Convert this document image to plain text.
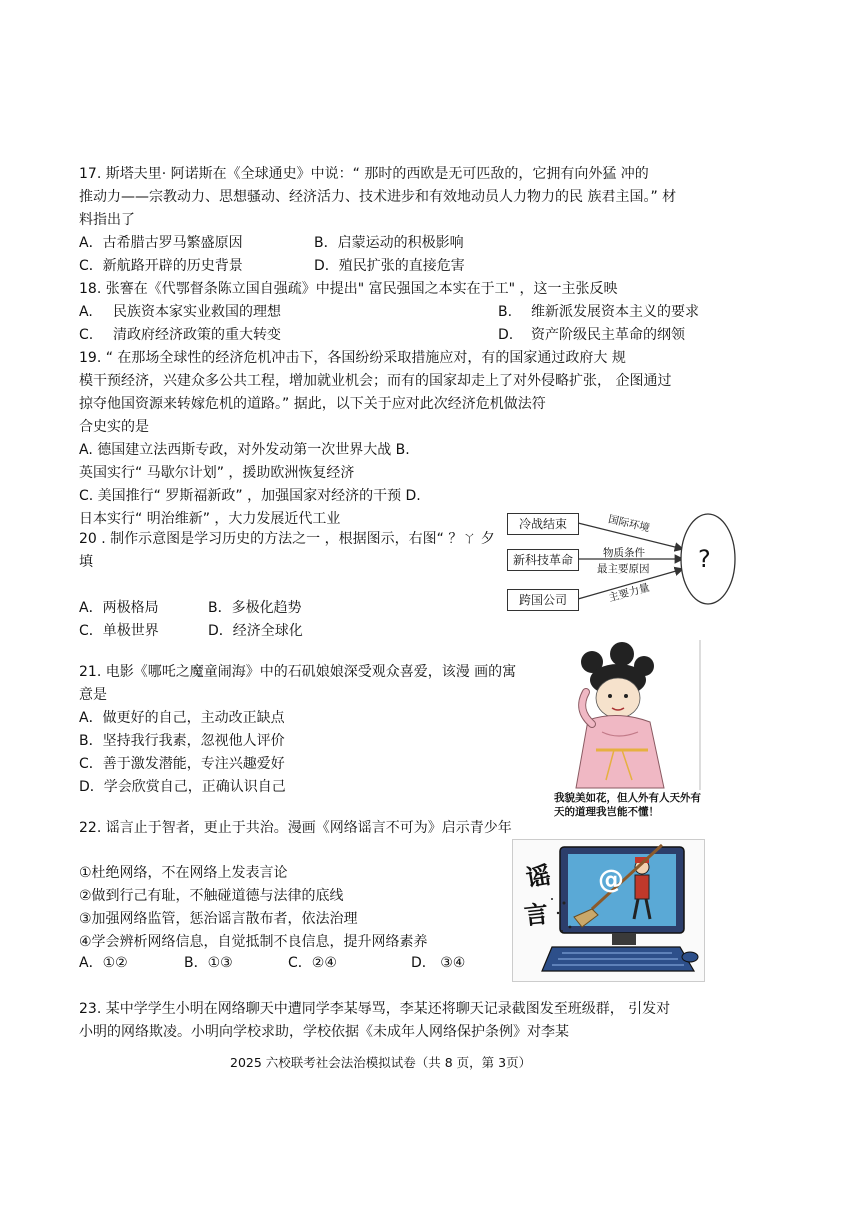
17. 斯塔夫里· 阿诺斯在《全球通史》中说：“ 那时的西欧是无可匹敌的，它拥有向外猛 冲的
推动力——宗教动力、思想骚动、经济活力、技术进步和有效地动员人力物力的民 族君主国。” 材
料指出了
A．古希腊古罗马繁盛原因	B．启蒙运动的积极影响
C．新航路开辟的历史背景	D．殖民扩张的直接危害
18. 张謇在《代鄂督条陈立国自强疏》中提出" 富民强国之本实在于工" ，这一主张反映
A. 民族资本家实业救国的理想	B. 维新派发展资本主义的要求
C. 清政府经济政策的重大转变	D. 资产阶级民主革命的纲领
19. “ 在那场全球性的经济危机冲击下，各国纷纷采取措施应对，有的国家通过政府大 规
模干预经济，兴建众多公共工程，增加就业机会；而有的国家却走上了对外侵略扩张， 企图通过
掠夺他国资源来转嫁危机的道路。” 据此，以下关于应对此次经济危机做法符
合史实的是
A. 德国建立法西斯专政，对外发动第一次世界大战 B.
英国实行“ 马歇尔计划” ，援助欧洲恢复经济
C. 美国推行“ 罗斯福新政” ，加强国家对经济的干预 D.
日本实行“ 明治维新” ，大力发展近代工业
20 . 制作示意图是学习历史的方法之一 ，根据图示，右图“ ？ㄚ 夕
填
A．两极格局	B．多极化趋势
C．单极世界	D．经济全球化
冷战结束
新科技革命
跨国公司
国际环境
物质条件
最主要原因
主要力量
?
21. 电影《哪吒之魔童闹海》中的石矶娘娘深受观众喜爱，该漫 画的寓
意是
A．做更好的自己，主动改正缺点
B．坚持我行我素，忽视他人评价
C．善于激发潜能，专注兴趣爱好
D．学会欣赏自己，正确认识自己
我貌美如花，但人外有人天外有
天的道理我岂能不懂！
22. 谣言止于智者，更止于共治。漫画《网络谣言不可为》启示青少年
①杜绝网络，不在网络上发表言论
②做到行己有耻，不触碰道德与法律的底线
③加强网络监管，惩治谣言散布者，依法治理
④学会辨析网络信息，自觉抵制不良信息，提升网络素养
A．①②	B．①③	C．②④	D． ③④
谣
言
@
23. 某中学学生小明在网络聊天中遭同学李某辱骂，李某还将聊天记录截图发至班级群， 引发对
小明的网络欺凌。小明向学校求助，学校依据《未成年人网络保护条例》对李某
2025 六校联考社会法治模拟试卷（共 8 页，第 3页）
